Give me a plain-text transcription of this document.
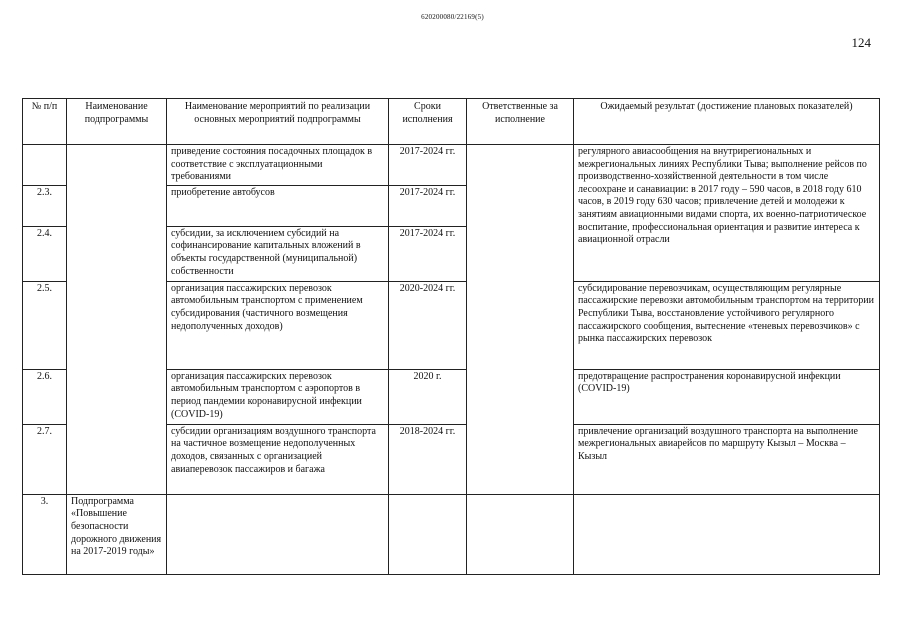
620200080/22169(5)
124
№ п/п	Наименование подпрограммы	Наименование мероприятий по реализации основных мероприятий подпрограммы	Сроки исполнения	Ответственные за исполнение	Ожидаемый результат (достижение плановых показателей)
		приведение состояния посадочных площадок в соответствие с эксплуатационными требованиями	2017-2024 гг.		регулярного авиасообщения на внутрирегиональных и межрегиональных линиях Республики Тыва; выполнение рейсов по производственно-хозяйственной деятельности в том числе лесоохране и санавиации: в 2017 году – 590 часов, в 2018 году 610 часов, в 2019 году 630 часов; привлечение детей и молодежи к занятиям авиационными видами спорта, их военно-патриотическое воспитание, профессиональная ориентация и развитие интереса к авиационной отрасли
2.3.		приобретение автобусов	2017-2024 гг.		
2.4.		субсидии, за исключением субсидий на софинансирование капитальных вложений в объекты государственной (муниципальной) собственности	2017-2024 гг.		
2.5.		организация пассажирских перевозок автомобильным транспортом с применением субсидирования (частичного возмещения недополученных доходов)	2020-2024 гг.		субсидирование перевозчикам, осуществляющим регулярные пассажирские перевозки автомобильным транспортом на территории Республики Тыва, восстановление устойчивого регулярного пассажирского сообщения, вытеснение «теневых перевозчиков» с рынка пассажирских перевозок
2.6.		организация пассажирских перевозок автомобильным транспортом с аэропортов в период пандемии коронавирусной инфекции (COVID-19)	2020 г.		предотвращение распространения коронавирусной инфекции (COVID-19)
2.7.		субсидии организациям воздушного транспорта на частичное возмещение недополученных доходов, связанных с организацией авиаперевозок пассажиров и багажа	2018-2024 гг.		привлечение организаций воздушного транспорта на выполнение межрегиональных авиарейсов по маршруту Кызыл – Москва – Кызыл
3.	Подпрограмма «Повышение безопасности дорожного движения на 2017-2019 годы»				
